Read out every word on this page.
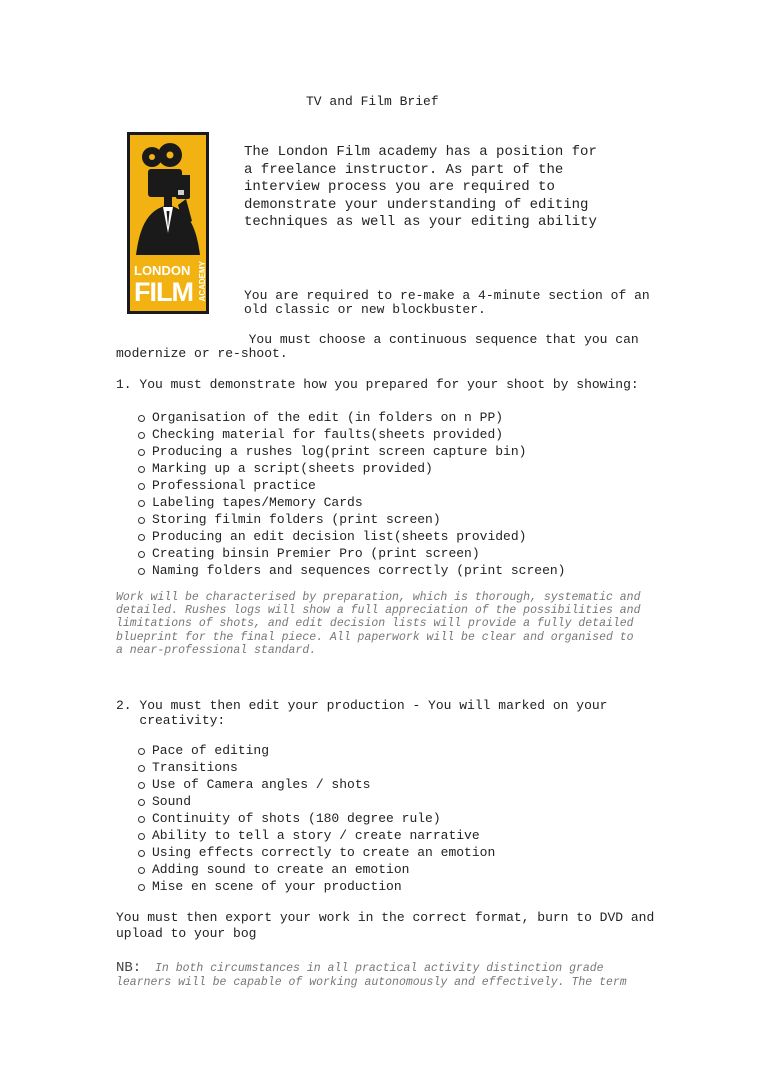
TV and Film Brief
LONDON
FILM ACADEMY
The London Film academy has a position for
a freelance instructor. As part of the
interview process you are required to
demonstrate your understanding of editing
techniques as well as your editing ability
You are required to re-make a 4-minute section of an
old classic or new blockbuster.
You must choose a continuous sequence that you can
modernize or re-shoot.
1. You must demonstrate how you prepared for your shoot by showing:
Organisation of the edit (in folders on n PP)
Checking material for faults(sheets provided)
Producing a rushes log(print screen capture bin)
Marking up a script(sheets provided)
Professional practice
Labeling tapes/Memory Cards
Storing filmin folders (print screen)
Producing an edit decision list(sheets provided)
Creating binsin Premier Pro (print screen)
Naming folders and sequences correctly (print screen)
Work will be characterised by preparation, which is thorough, systematic and
detailed. Rushes logs will show a full appreciation of the possibilities and
limitations of shots, and edit decision lists will provide a fully detailed
blueprint for the final piece. All paperwork will be clear and organised to
a near-professional standard.
2. You must then edit your production - You will marked on your
creativity:
Pace of editing
Transitions
Use of Camera angles / shots
Sound
Continuity of shots (180 degree rule)
Ability to tell a story / create narrative
Using effects correctly to create an emotion
Adding sound to create an emotion
Mise en scene of your production
You must then export your work in the correct format, burn to DVD and
upload to your bog
NB: In both circumstances in all practical activity distinction grade
learners will be capable of working autonomously and effectively. The term
